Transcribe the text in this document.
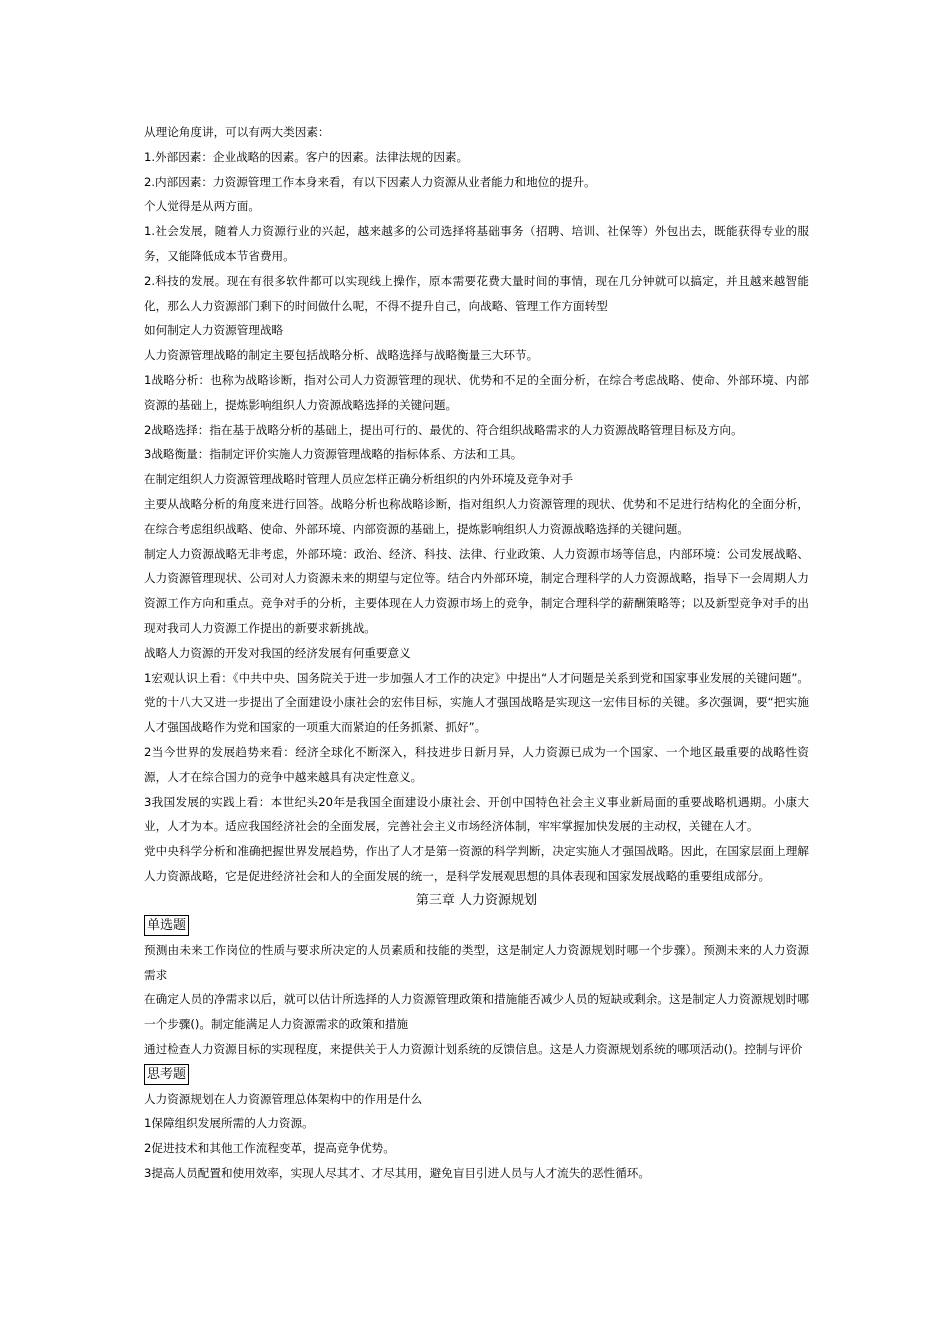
从理论角度讲，可以有两大类因素：

1.外部因素：企业战略的因素。客户的因素。法律法规的因素。

2.内部因素：力资源管理工作本身来看，有以下因素人力资源从业者能力和地位的提升。

个人觉得是从两方面。

1.社会发展，随着人力资源行业的兴起，越来越多的公司选择将基础事务（招聘、培训、社保等）外包出去，既能获得专业的服务，又能降低成本节省费用。

2.科技的发展。现在有很多软件都可以实现线上操作，原本需要花费大量时间的事情，现在几分钟就可以搞定，并且越来越智能化，那么人力资源部门剩下的时间做什么呢，不得不提升自己，向战略、管理工作方面转型

如何制定人力资源管理战略

人力资源管理战略的制定主要包括战略分析、战略选择与战略衡量三大环节。

1战略分析：也称为战略诊断，指对公司人力资源管理的现状、优势和不足的全面分析，在综合考虑战略、使命、外部环境、内部资源的基础上，提炼影响组织人力资源战略选择的关键问题。

2战略选择：指在基于战略分析的基础上，提出可行的、最优的、符合组织战略需求的人力资源战略管理目标及方向。

3战略衡量：指制定评价实施人力资源管理战略的指标体系、方法和工具。

在制定组织人力资源管理战略时管理人员应怎样正确分析组织的内外环境及竞争对手

主要从战略分析的角度来进行回答。战略分析也称战略诊断，指对组织人力资源管理的现状、优势和不足进行结构化的全面分析，在综合考虑组织战略、使命、外部环境、内部资源的基础上，提炼影响组织人力资源战略选择的关键问题。

制定人力资源战略无非考虑，外部环境：政治、经济、科技、法律、行业政策、人力资源市场等信息，内部环境：公司发展战略、人力资源管理现状、公司对人力资源未来的期望与定位等。结合内外部环境，制定合理科学的人力资源战略，指导下一会周期人力资源工作方向和重点。竞争对手的分析，主要体现在人力资源市场上的竞争，制定合理科学的薪酬策略等；以及新型竞争对手的出现对我司人力资源工作提出的新要求新挑战。

战略人力资源的开发对我国的经济发展有何重要意义

1宏观认识上看：《中共中央、国务院关于进一步加强人才工作的决定》中提出“人才问题是关系到党和国家事业发展的关键问题”。党的十八大又进一步提出了全面建设小康社会的宏伟目标，实施人才强国战略是实现这一宏伟目标的关键。多次强调，要“把实施人才强国战略作为党和国家的一项重大而紧迫的任务抓紧、抓好”。

2当今世界的发展趋势来看：经济全球化不断深入，科技进步日新月异，人力资源已成为一个国家、一个地区最重要的战略性资源，人才在综合国力的竞争中越来越具有决定性意义。

3我国发展的实践上看：本世纪头20年是我国全面建设小康社会、开创中国特色社会主义事业新局面的重要战略机遇期。小康大业，人才为本。适应我国经济社会的全面发展，完善社会主义市场经济体制，牢牢掌握加快发展的主动权，关键在人才。

党中央科学分析和准确把握世界发展趋势，作出了人才是第一资源的科学判断，决定实施人才强国战略。因此，在国家层面上理解人力资源战略，它是促进经济社会和人的全面发展的统一，是科学发展观思想的具体表现和国家发展战略的重要组成部分。

第三章 人力资源规划

单选题

预测由未来工作岗位的性质与要求所决定的人员素质和技能的类型，这是制定人力资源规划时哪一个步骤）。预测未来的人力资源需求

在确定人员的净需求以后，就可以估计所选择的人力资源管理政策和措施能否减少人员的短缺或剩余。这是制定人力资源规划时哪一个步骤()。制定能满足人力资源需求的政策和措施

通过检查人力资源目标的实现程度，来提供关于人力资源计划系统的反馈信息。这是人力资源规划系统的哪项活动()。控制与评价

思考题

人力资源规划在人力资源管理总体架构中的作用是什么

1保障组织发展所需的人力资源。

2促进技术和其他工作流程变革，提高竞争优势。

3提高人员配置和使用效率，实现人尽其才、才尽其用，避免盲目引进人员与人才流失的恶性循环。
